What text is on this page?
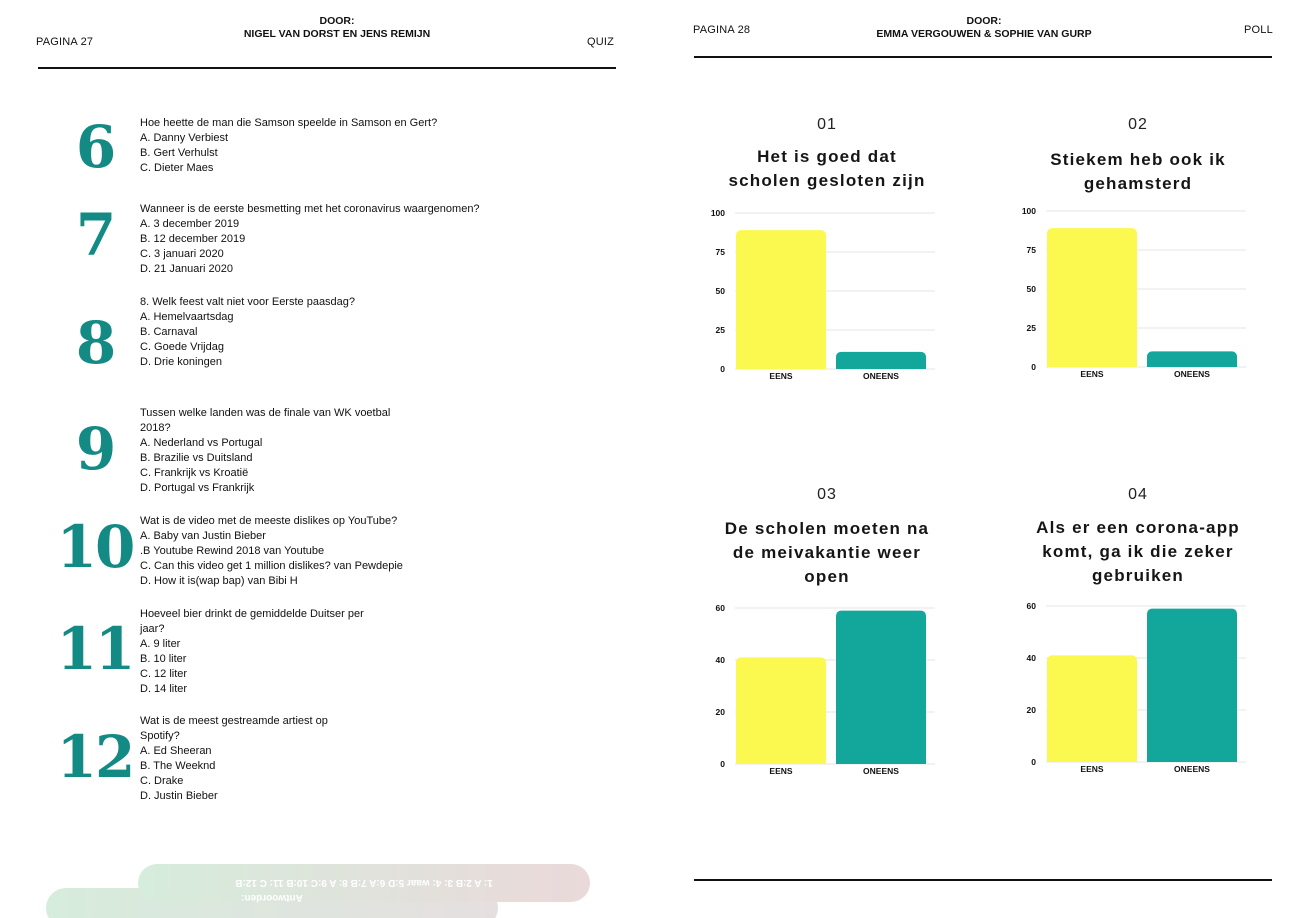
PAGINA 27
DOOR:
NIGEL VAN DORST EN JENS REMIJN
QUIZ
6	Hoe heette de man die Samson speelde in Samson en Gert?
A. Danny Verbiest
B. Gert Verhulst
C. Dieter Maes
7	Wanneer is de eerste besmetting met het coronavirus waargenomen?
A. 3 december 2019
B. 12 december 2019
C. 3 januari 2020
D. 21 Januari 2020
8
8. Welk feest valt niet voor Eerste paasdag?
A. Hemelvaartsdag
B. Carnaval
C. Goede Vrijdag
D. Drie koningen
9
Tussen welke landen was de finale van WK voetbal
2018?
A. Nederland vs Portugal
B. Brazilie vs Duitsland
C. Frankrijk vs Kroatië
D. Portugal vs Frankrijk
10 Wat is de video met de meeste dislikes op YouTube?
A. Baby van Justin Bieber
.B Youtube Rewind 2018 van Youtube
C. Can this video get 1 million dislikes? van Pewdepie
D. How it is(wap bap) van Bibi H
11
Hoeveel bier drinkt de gemiddelde Duitser per
jaar?
A. 9 liter
B. 10 liter
C. 12 liter
D. 14 liter
12
Wat is de meest gestreamde artiest op
Spotify?
A. Ed Sheeran
B. The Weeknd
C. Drake
D. Justin Bieber
1: A 2:B 3: 4: waar 5:D 6:A 7:B 8: A 9:C 10:B 11: C 12:B
Antwoorden:
PAGINA 28
DOOR:
EMMA VERGOUWEN & SOPHIE VAN GURP	POLL
01
Het is goed dat
scholen gesloten zijn
0
25
50
75
100
EENS	ONEENS
02
Stiekem heb ook ik
gehamsterd
0
25
50
75
100
EENS	ONEENS
03
De scholen moeten na
de meivakantie weer
open
0
20
40
60
EENS	ONEENS
04
Als er een corona-app
komt, ga ik die zeker
gebruiken
0
20
40
60
EENS	ONEENS
